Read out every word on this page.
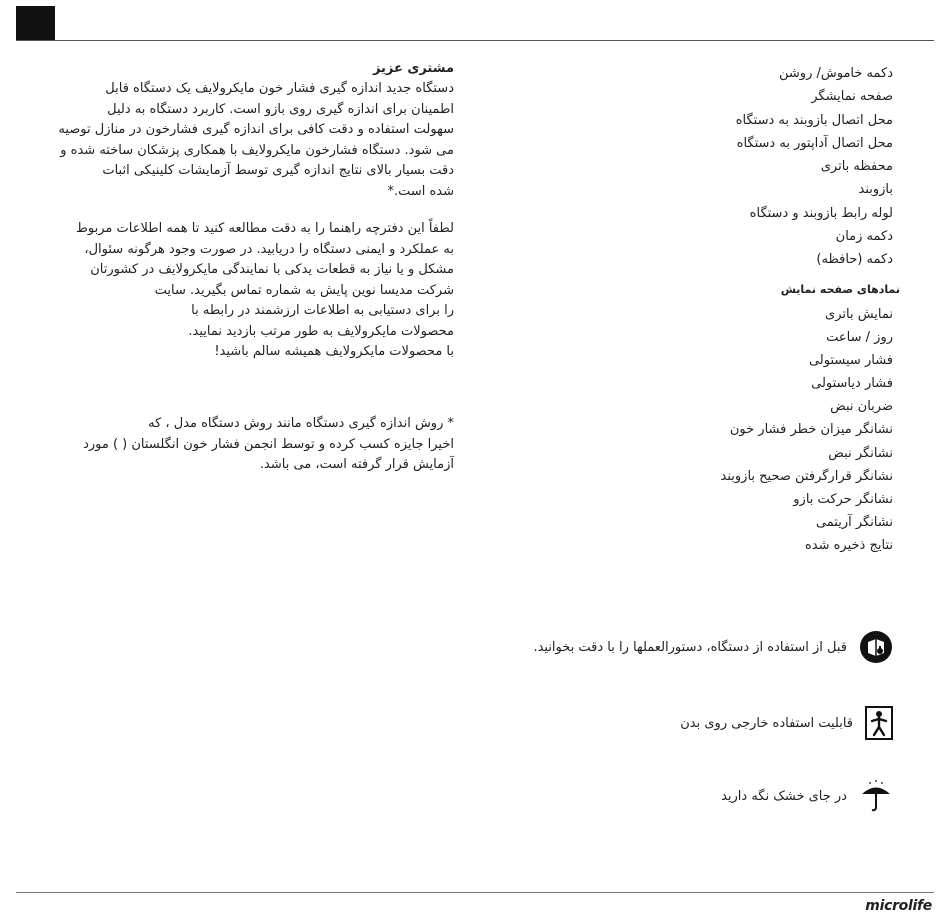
دکمه خاموش/ روشن
صفحه نمایشگر
محل اتصال بازوبند به دستگاه
محل اتصال آداپتور به دستگاه
محفظه باتری
بازوبند
لوله رابط بازوبند و دستگاه
دکمه زمان
دکمه (حافظه)
نمادهای صفحه نمایش
نمایش باتری
روز / ساعت
فشار سیستولی
فشار دیاستولی
ضربان نبض
نشانگر میزان خطر فشار خون
نشانگر نبض
نشانگر قرارگرفتن صحیح بازوبند
نشانگر حرکت بازو
نشانگر آریتمی
نتایج ذخیره شده
مشتری عزیز

دستگاه جدید اندازه گیری فشار خون مایکرولایف یک دستگاه قابل
اطمینان برای اندازه گیری روی بازو است. کاربرد دستگاه به دلیل
سهولت استفاده و دقت کافی برای اندازه گیری فشارخون در منازل توصیه
می شود. دستگاه فشارخون مایکرولایف با همکاری پزشکان ساخته شده و
دقت بسیار بالای نتایج اندازه گیری توسط آزمایشات کلینیکی اثبات
شده است.*

لطفاً این دفترچه راهنما را به دقت مطالعه کنید تا همه اطلاعات مربوط
به عملکرد و ایمنی دستگاه را دریابید. در صورت وجود هرگونه سئوال،
مشکل و یا نیاز به قطعات یدکی با نمایندگی مایکرولایف در کشورتان
شرکت مدیسا نوین پایش به شماره تماس بگیرید. سایت
را برای دستیابی به اطلاعات ارزشمند در رابطه با
محصولات مایکرولایف به طور مرتب بازدید نمایید.
با محصولات مایکرولایف همیشه سالم باشید!

* روش اندازه گیری دستگاه مانند روش دستگاه مدل ، که
اخیرا جایزه کسب کرده و توسط انجمن فشار خون انگلستان ( ) مورد
آزمایش قرار گرفته است، می باشد.

قبل از استفاده از دستگاه، دستورالعملها را با دقت بخوانید.
قابلیت استفاده خارجی روی بدن
در جای خشک نگه دارید
microlife
